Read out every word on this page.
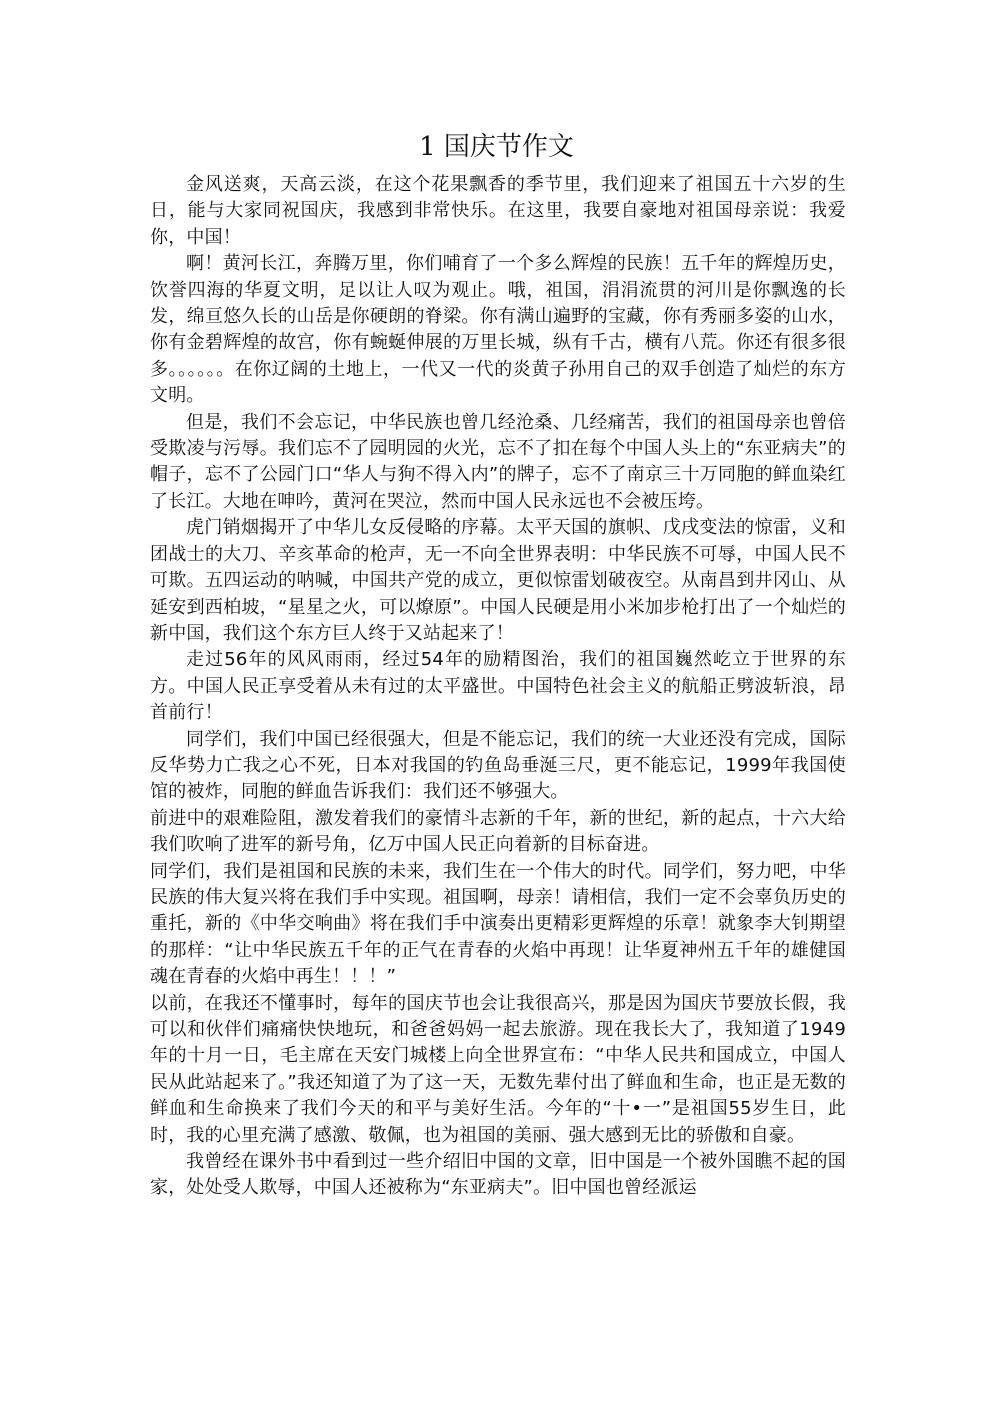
1 国庆节作文

金风送爽，天高云淡，在这个花果飘香的季节里，我们迎来了祖国五十六岁的生日，能与大家同祝国庆，我感到非常快乐。在这里，我要自豪地对祖国母亲说：我爱你，中国！

啊！黄河长江，奔腾万里，你们哺育了一个多么辉煌的民族！五千年的辉煌历史，饮誉四海的华夏文明，足以让人叹为观止。哦，祖国，涓涓流贯的河川是你飘逸的长发，绵亘悠久长的山岳是你硬朗的脊梁。你有满山遍野的宝藏，你有秀丽多姿的山水，你有金碧辉煌的故宫，你有蜿蜒伸展的万里长城，纵有千古，横有八荒。你还有很多很多。。。。。。在你辽阔的土地上，一代又一代的炎黄子孙用自己的双手创造了灿烂的东方文明。

但是，我们不会忘记，中华民族也曾几经沧桑、几经痛苦，我们的祖国母亲也曾倍受欺凌与污辱。我们忘不了园明园的火光，忘不了扣在每个中国人头上的“东亚病夫”的帽子，忘不了公园门口“华人与狗不得入内”的牌子，忘不了南京三十万同胞的鲜血染红了长江。大地在呻吟，黄河在哭泣，然而中国人民永远也不会被压垮。

虎门销烟揭开了中华儿女反侵略的序幕。太平天国的旗帜、戊戌变法的惊雷，义和团战士的大刀、辛亥革命的枪声，无一不向全世界表明：中华民族不可辱，中国人民不可欺。五四运动的呐喊，中国共产党的成立，更似惊雷划破夜空。从南昌到井冈山、从延安到西柏坡，“星星之火，可以燎原”。中国人民硬是用小米加步枪打出了一个灿烂的新中国，我们这个东方巨人终于又站起来了！

走过56年的风风雨雨，经过54年的励精图治，我们的祖国巍然屹立于世界的东方。中国人民正享受着从未有过的太平盛世。中国特色社会主义的航船正劈波斩浪，昂首前行！

同学们，我们中国已经很强大，但是不能忘记，我们的统一大业还没有完成，国际反华势力亡我之心不死，日本对我国的钓鱼岛垂涎三尺，更不能忘记，1999年我国使馆的被炸，同胞的鲜血告诉我们：我们还不够强大。

前进中的艰难险阻，激发着我们的豪情斗志新的千年，新的世纪，新的起点，十六大给我们吹响了进军的新号角，亿万中国人民正向着新的目标奋进。

同学们，我们是祖国和民族的未来，我们生在一个伟大的时代。同学们，努力吧，中华民族的伟大复兴将在我们手中实现。祖国啊，母亲！请相信，我们一定不会辜负历史的重托，新的《中华交响曲》将在我们手中演奏出更精彩更辉煌的乐章！就象李大钊期望的那样：“让中华民族五千年的正气在青春的火焰中再现！让华夏神州五千年的雄健国魂在青春的火焰中再生！！！”

以前，在我还不懂事时，每年的国庆节也会让我很高兴，那是因为国庆节要放长假，我可以和伙伴们痛痛快快地玩，和爸爸妈妈一起去旅游。现在我长大了，我知道了1949年的十月一日，毛主席在天安门城楼上向全世界宣布：“中华人民共和国成立，中国人民从此站起来了。”我还知道了为了这一天，无数先辈付出了鲜血和生命，也正是无数的鲜血和生命换来了我们今天的和平与美好生活。今年的“十•一”是祖国55岁生日，此时，我的心里充满了感激、敬佩，也为祖国的美丽、强大感到无比的骄傲和自豪。

我曾经在课外书中看到过一些介绍旧中国的文章，旧中国是一个被外国瞧不起的国家，处处受人欺辱，中国人还被称为“东亚病夫”。旧中国也曾经派运
